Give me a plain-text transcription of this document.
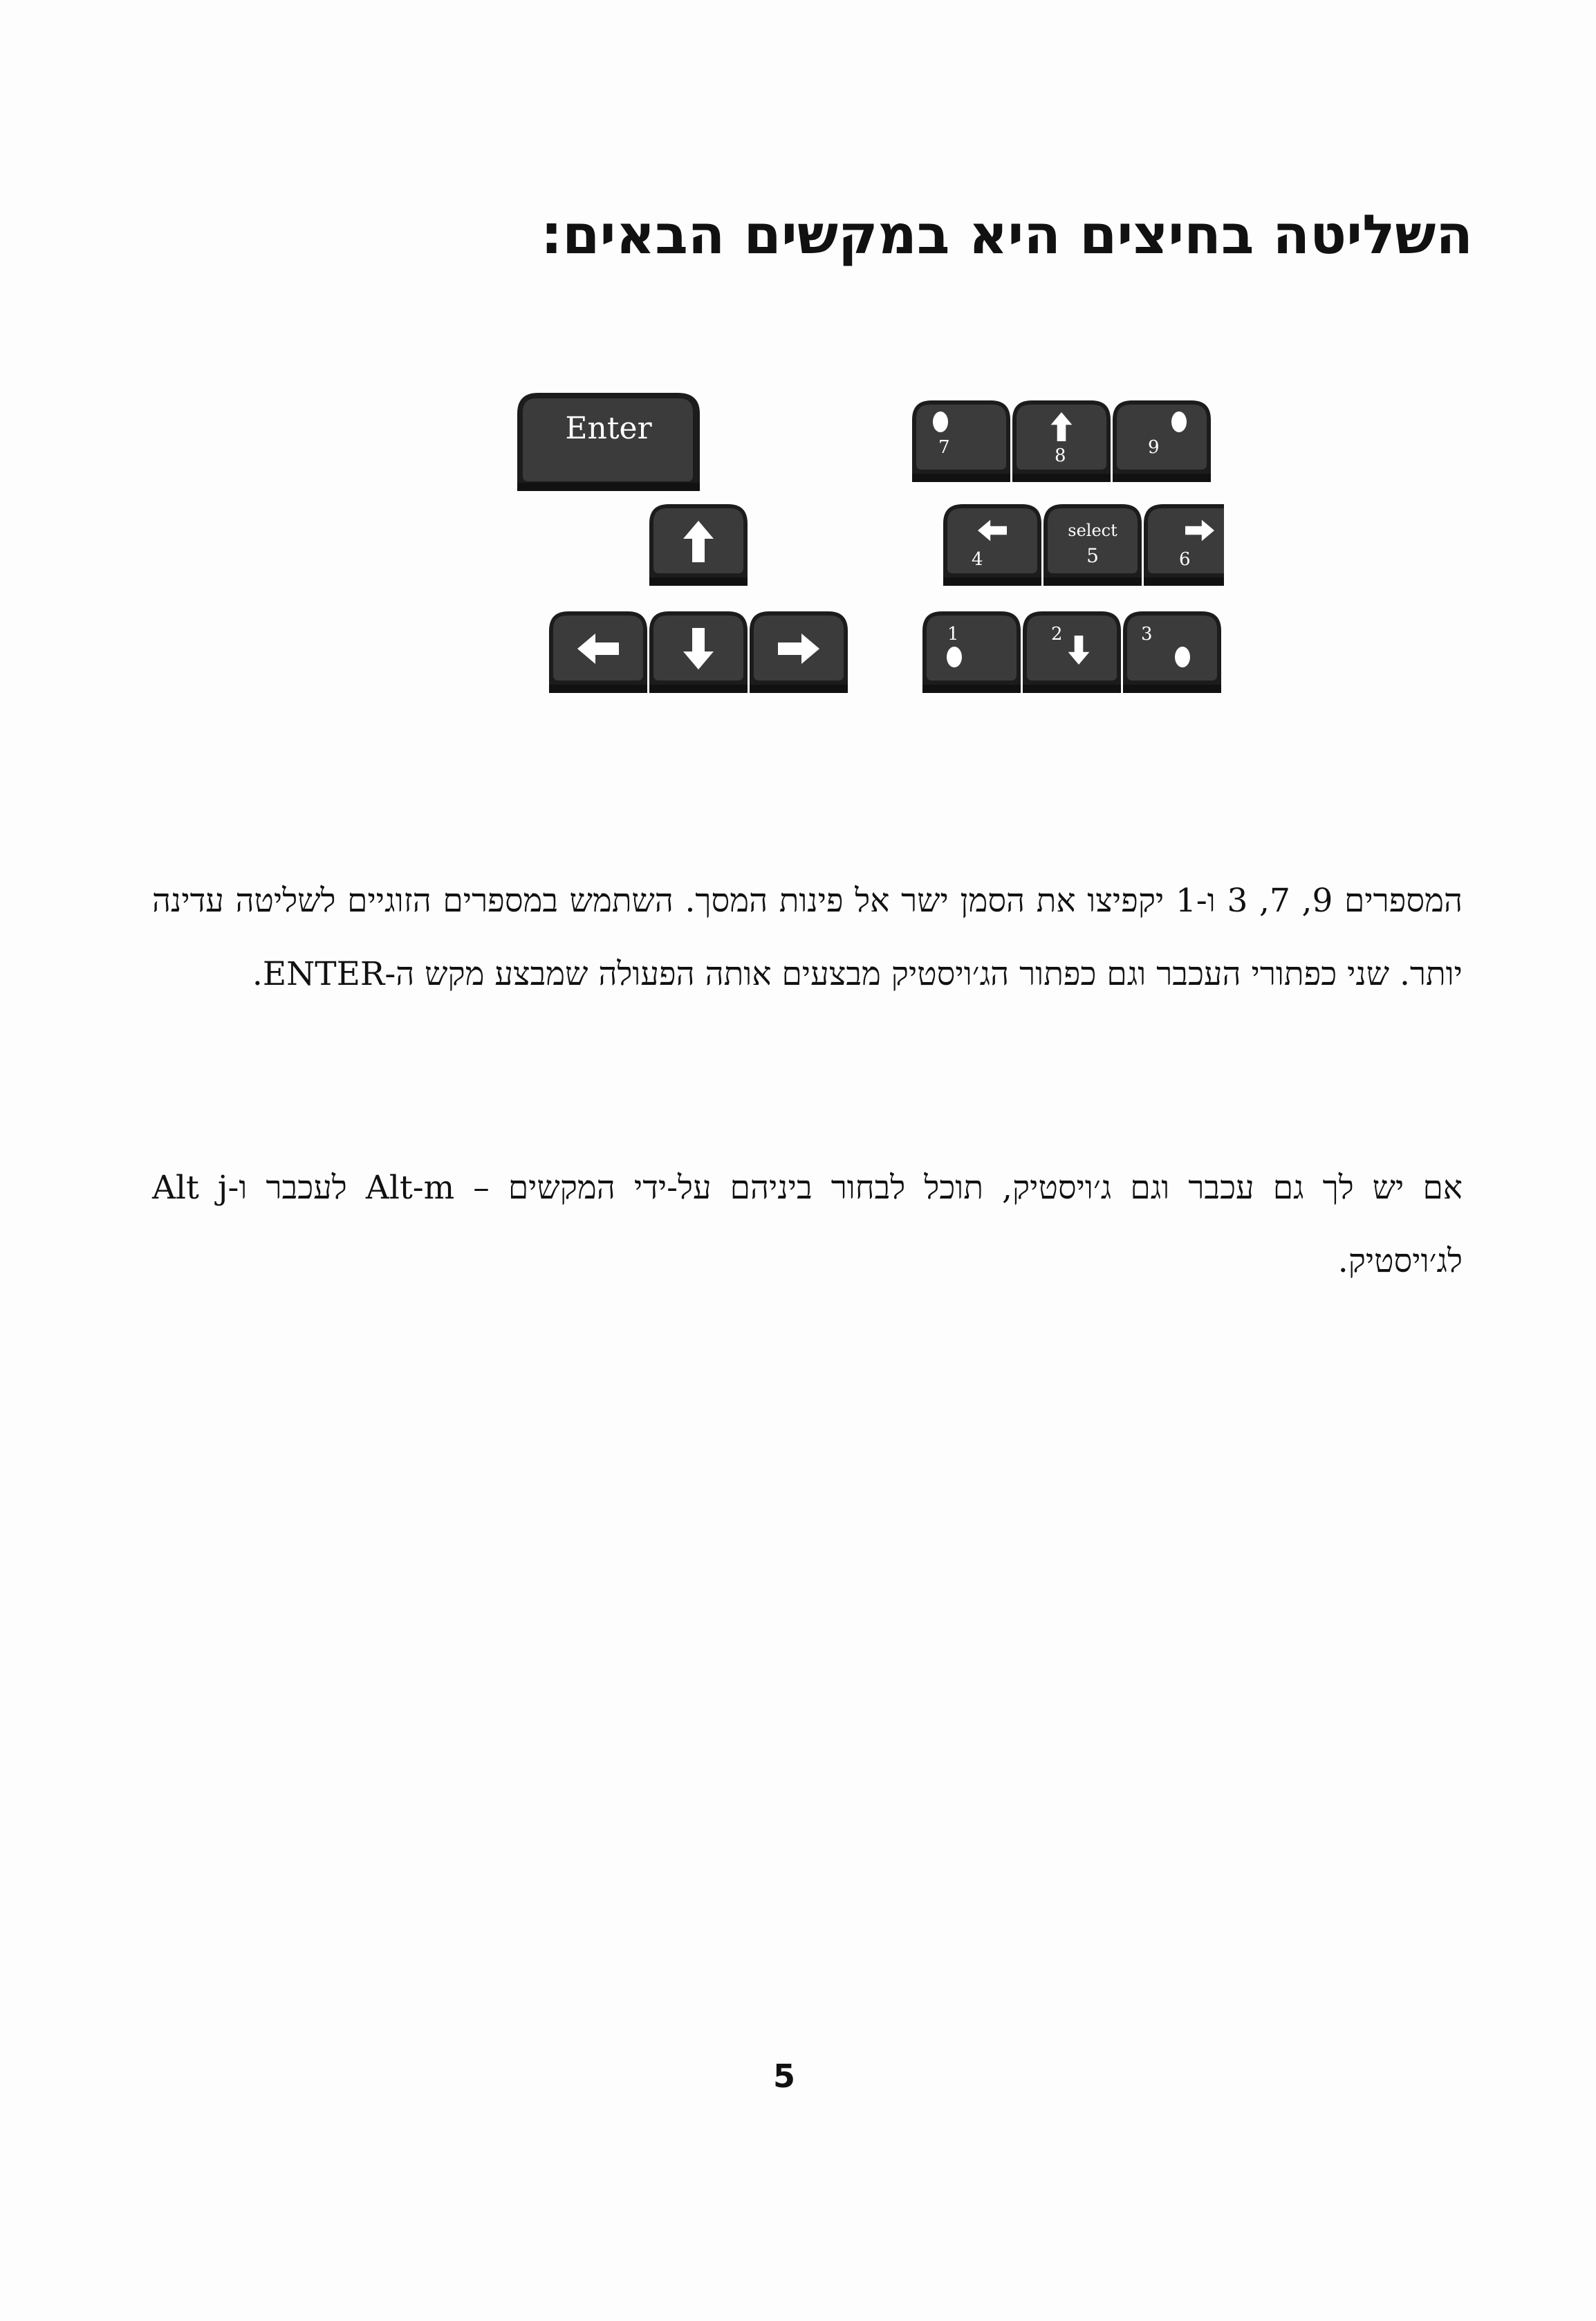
השליטה בחיצים היא במקשים הבאים:
Enter
7	8	9
4
select
5	6
1	2	3

המספרים 9, 7, 3 ו-1 יקפיצו את הסמן ישר אל פינות המסך. השתמש במספרים הזוגיים לשליטה עדינה יותר. שני כפתורי העכבר וגם כפתור הג׳ויסטיק מבצעים אותה הפעולה שמבצע מקש ה-ENTER.

אם יש לך גם עכבר וגם ג׳ויסטיק, תוכל לבחור ביניהם על-ידי המקשים – Alt-m לעכבר ו-Alt j לג׳ויסטיק.

5
